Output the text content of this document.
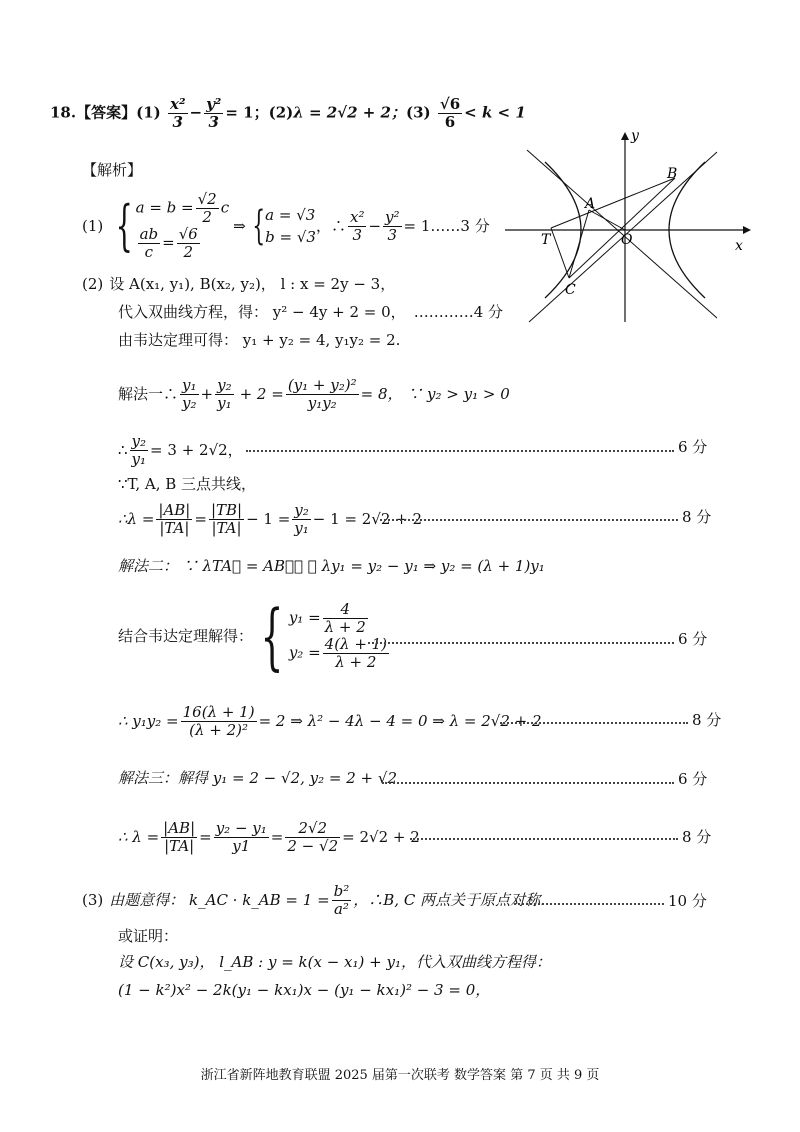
18.【答案】$(1) \frac{\text{x²}}{3} - \frac{\text{y²}}{3} = 1$；(2)λ = 2√2 + 2；$(3) \frac{√6}{6} < k < 1$
【解析】
(1) { $a = b = \frac{√2}{2}$ c
$\frac{ab}{c} = \frac{√6}{2}$ ⇒ { a = √3
b = √3
，∴ $\frac{\text{x²}}{3} - \frac{\text{y²}}{3}$ = 1……3 分
(2) 设 A(x₁, y₁), B(x₂, y₂)， l : x = 2y − 3，
代入双曲线方程，得： y² − 4y + 2 = 0， …………4 分
由韦达定理可得： y₁ + y₂ = 4, y₁y₂ = 2.
解法一∴ $\frac{\text{y₁}}{\text{y₂}} + \frac{\text{y₂}}{\text{y₁}} + 2 = \frac{\text{(y₁ + y₂)²}}{\text{y₁y₂}} = 8$， ∵ y₂ > y₁ > 0
∴ $\frac{\text{y₂}}{\text{y₁}} = 3 + 2√2$，	6 分
∵T, A, B 三点共线，
∴λ = $\frac{|AB|}{|TA|} = \frac{|TB|}{|TA|} - 1 = \frac{\text{y₂}}{\text{y₁}} - 1 = 2√2 + 2$	8 分
解法二： ∵ λTA⃗ = AB⃗， ∴ λy₁ = y₂ − y₁ ⇒ y₂ = (λ + 1)y₁
结合韦达定理解得： { $y_1 = \frac{4}{\lambda + 2}$
$y_2 = \frac{4(\lambda + 1)}{\lambda + 2}$	6 分
∴ $y_1y_2 = \frac{16(\lambda + 1)}{\text{(λ + 2)²}} = 2$ ⇒ λ² − 4λ − 4 = 0 ⇒ λ = 2√2 + 2	8 分
解法三：解得 y₁ = 2 − √2, y₂ = 2 + √2	6 分
∴ $\lambda = \frac{|AB|}{|TA|} = \frac{\text{y₂ − y₁}}{y1} = \frac{2√2}{2 - √2} = 2√2 + 2$	8 分
(3) 由题意得： k_AC · k_AB = $1 = \frac{\text{b²}}{\text{a²}}$ ，∴B, C 两点关于原点对称.	10 分
或证明：
设 C(x₃, y₃)， l_AB : y = k(x − x₁) + y₁，代入双曲线方程得：
(1 − k²)x² − 2k(y₁ − kx₁)x − (y₁ − kx₁)² − 3 = 0，
y
x
O
A
B
T
C
浙江省新阵地教育联盟 2025 届第一次联考 数学答案 第 7 页 共 9 页
